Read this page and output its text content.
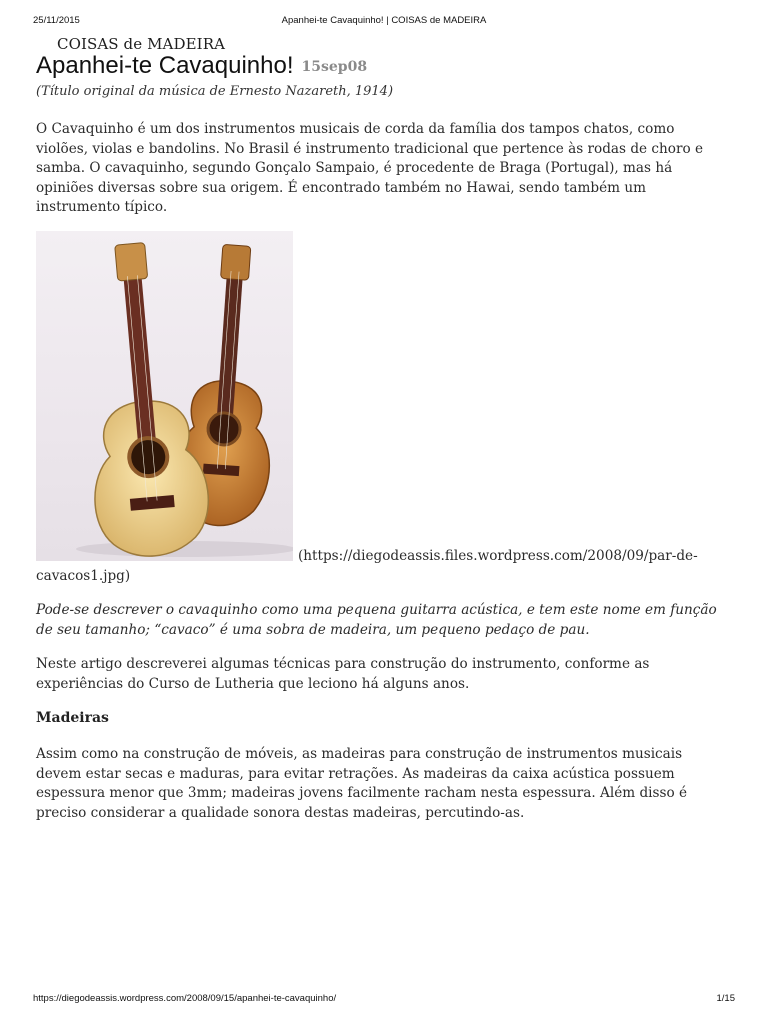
25/11/2015	Apanhei-te Cavaquinho! | COISAS de MADEIRA
COISAS de MADEIRA
Apanhei-te Cavaquinho! 15sep08
(Título original da música de Ernesto Nazareth, 1914)

O Cavaquinho é um dos instrumentos musicais de corda da família dos tampos chatos, como violões, violas e bandolins. No Brasil é instrumento tradicional que pertence às rodas de choro e samba. O cavaquinho, segundo Gonçalo Sampaio, é procedente de Braga (Portugal), mas há opiniões diversas sobre sua origem. É encontrado também no Hawai, sendo também um instrumento típico.

(https://diegodeassis.files.wordpress.com/2008/09/par-de-cavacos1.jpg)

Pode-se descrever o cavaquinho como uma pequena guitarra acústica, e tem este nome em função de seu tamanho; “cavaco” é uma sobra de madeira, um pequeno pedaço de pau.

Neste artigo descreverei algumas técnicas para construção do instrumento, conforme as experiências do Curso de Lutheria que leciono há alguns anos.

Madeiras

Assim como na construção de móveis, as madeiras para construção de instrumentos musicais devem estar secas e maduras, para evitar retrações. As madeiras da caixa acústica possuem espessura menor que 3mm; madeiras jovens facilmente racham nesta espessura. Além disso é preciso considerar a qualidade sonora destas madeiras, percutindo-as.

https://diegodeassis.wordpress.com/2008/09/15/apanhei-te-cavaquinho/	1/15
